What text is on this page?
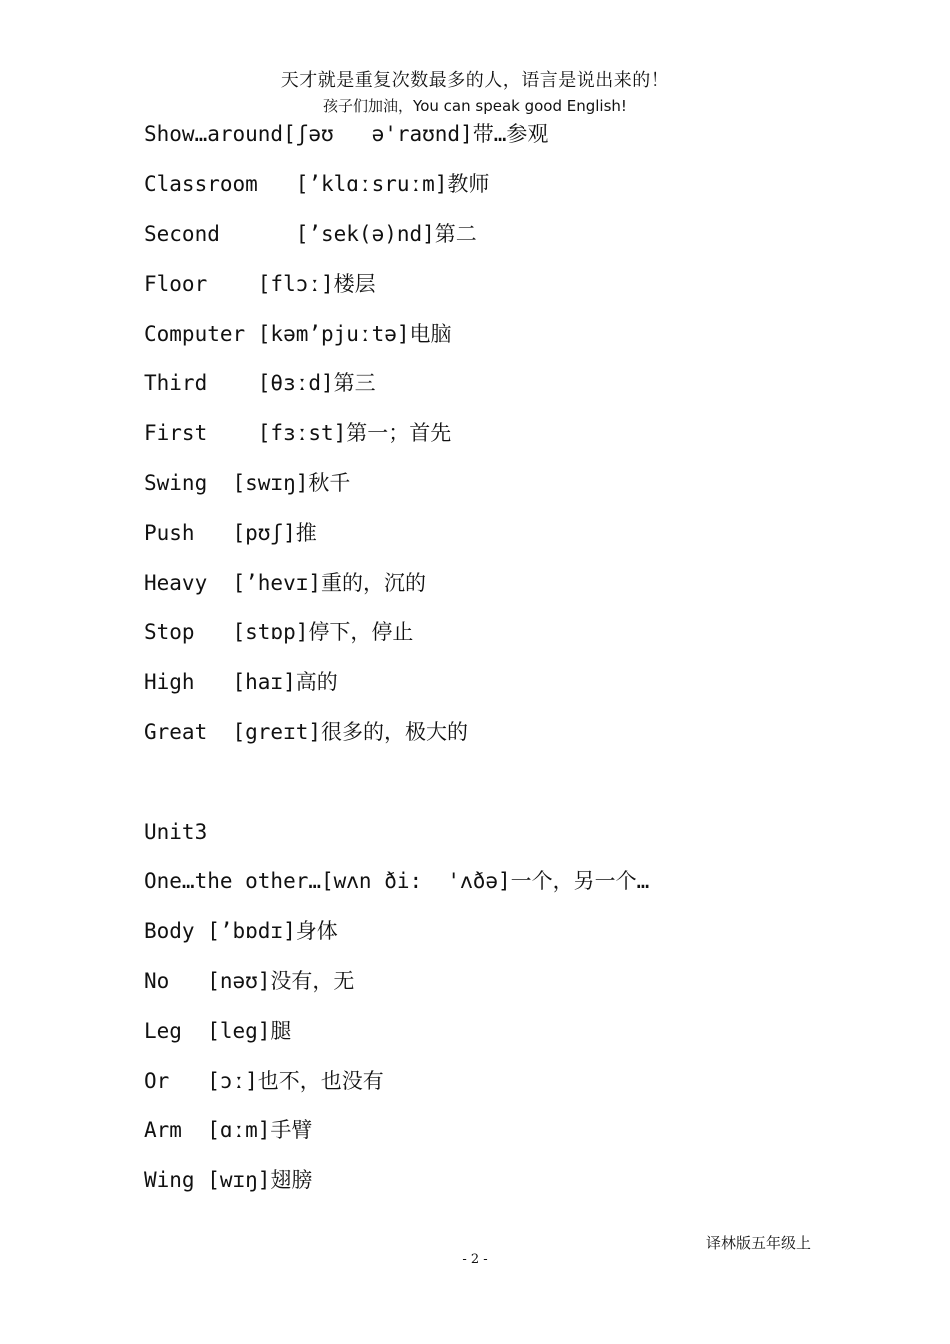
天才就是重复次数最多的人，语言是说出来的！
孩子们加油，You can speak good English!
Show…around[ʃəʊ   ə'raʊnd]带…参观
Classroom   [’klɑːsruːm]教师
Second      [’sek(ə)nd]第二
Floor    [flɔː]楼层
Computer [kəm’pjuːtə]电脑
Third    [θɜːd]第三
First    [fɜːst]第一；首先
Swing  [swɪŋ]秋千
Push   [pʊʃ]推
Heavy  [’hevɪ]重的，沉的
Stop   [stɒp]停下，停止
High   [haɪ]高的
Great  [greɪt]很多的，极大的
Unit3
One…the other…[wʌn ði:  'ʌðə]一个，另一个…
Body [’bɒdɪ]身体
No   [nəʊ]没有，无
Leg  [leg]腿
Or   [ɔː]也不，也没有
Arm  [ɑːm]手臂
Wing [wɪŋ]翅膀
译林版五年级上
- 2 -
